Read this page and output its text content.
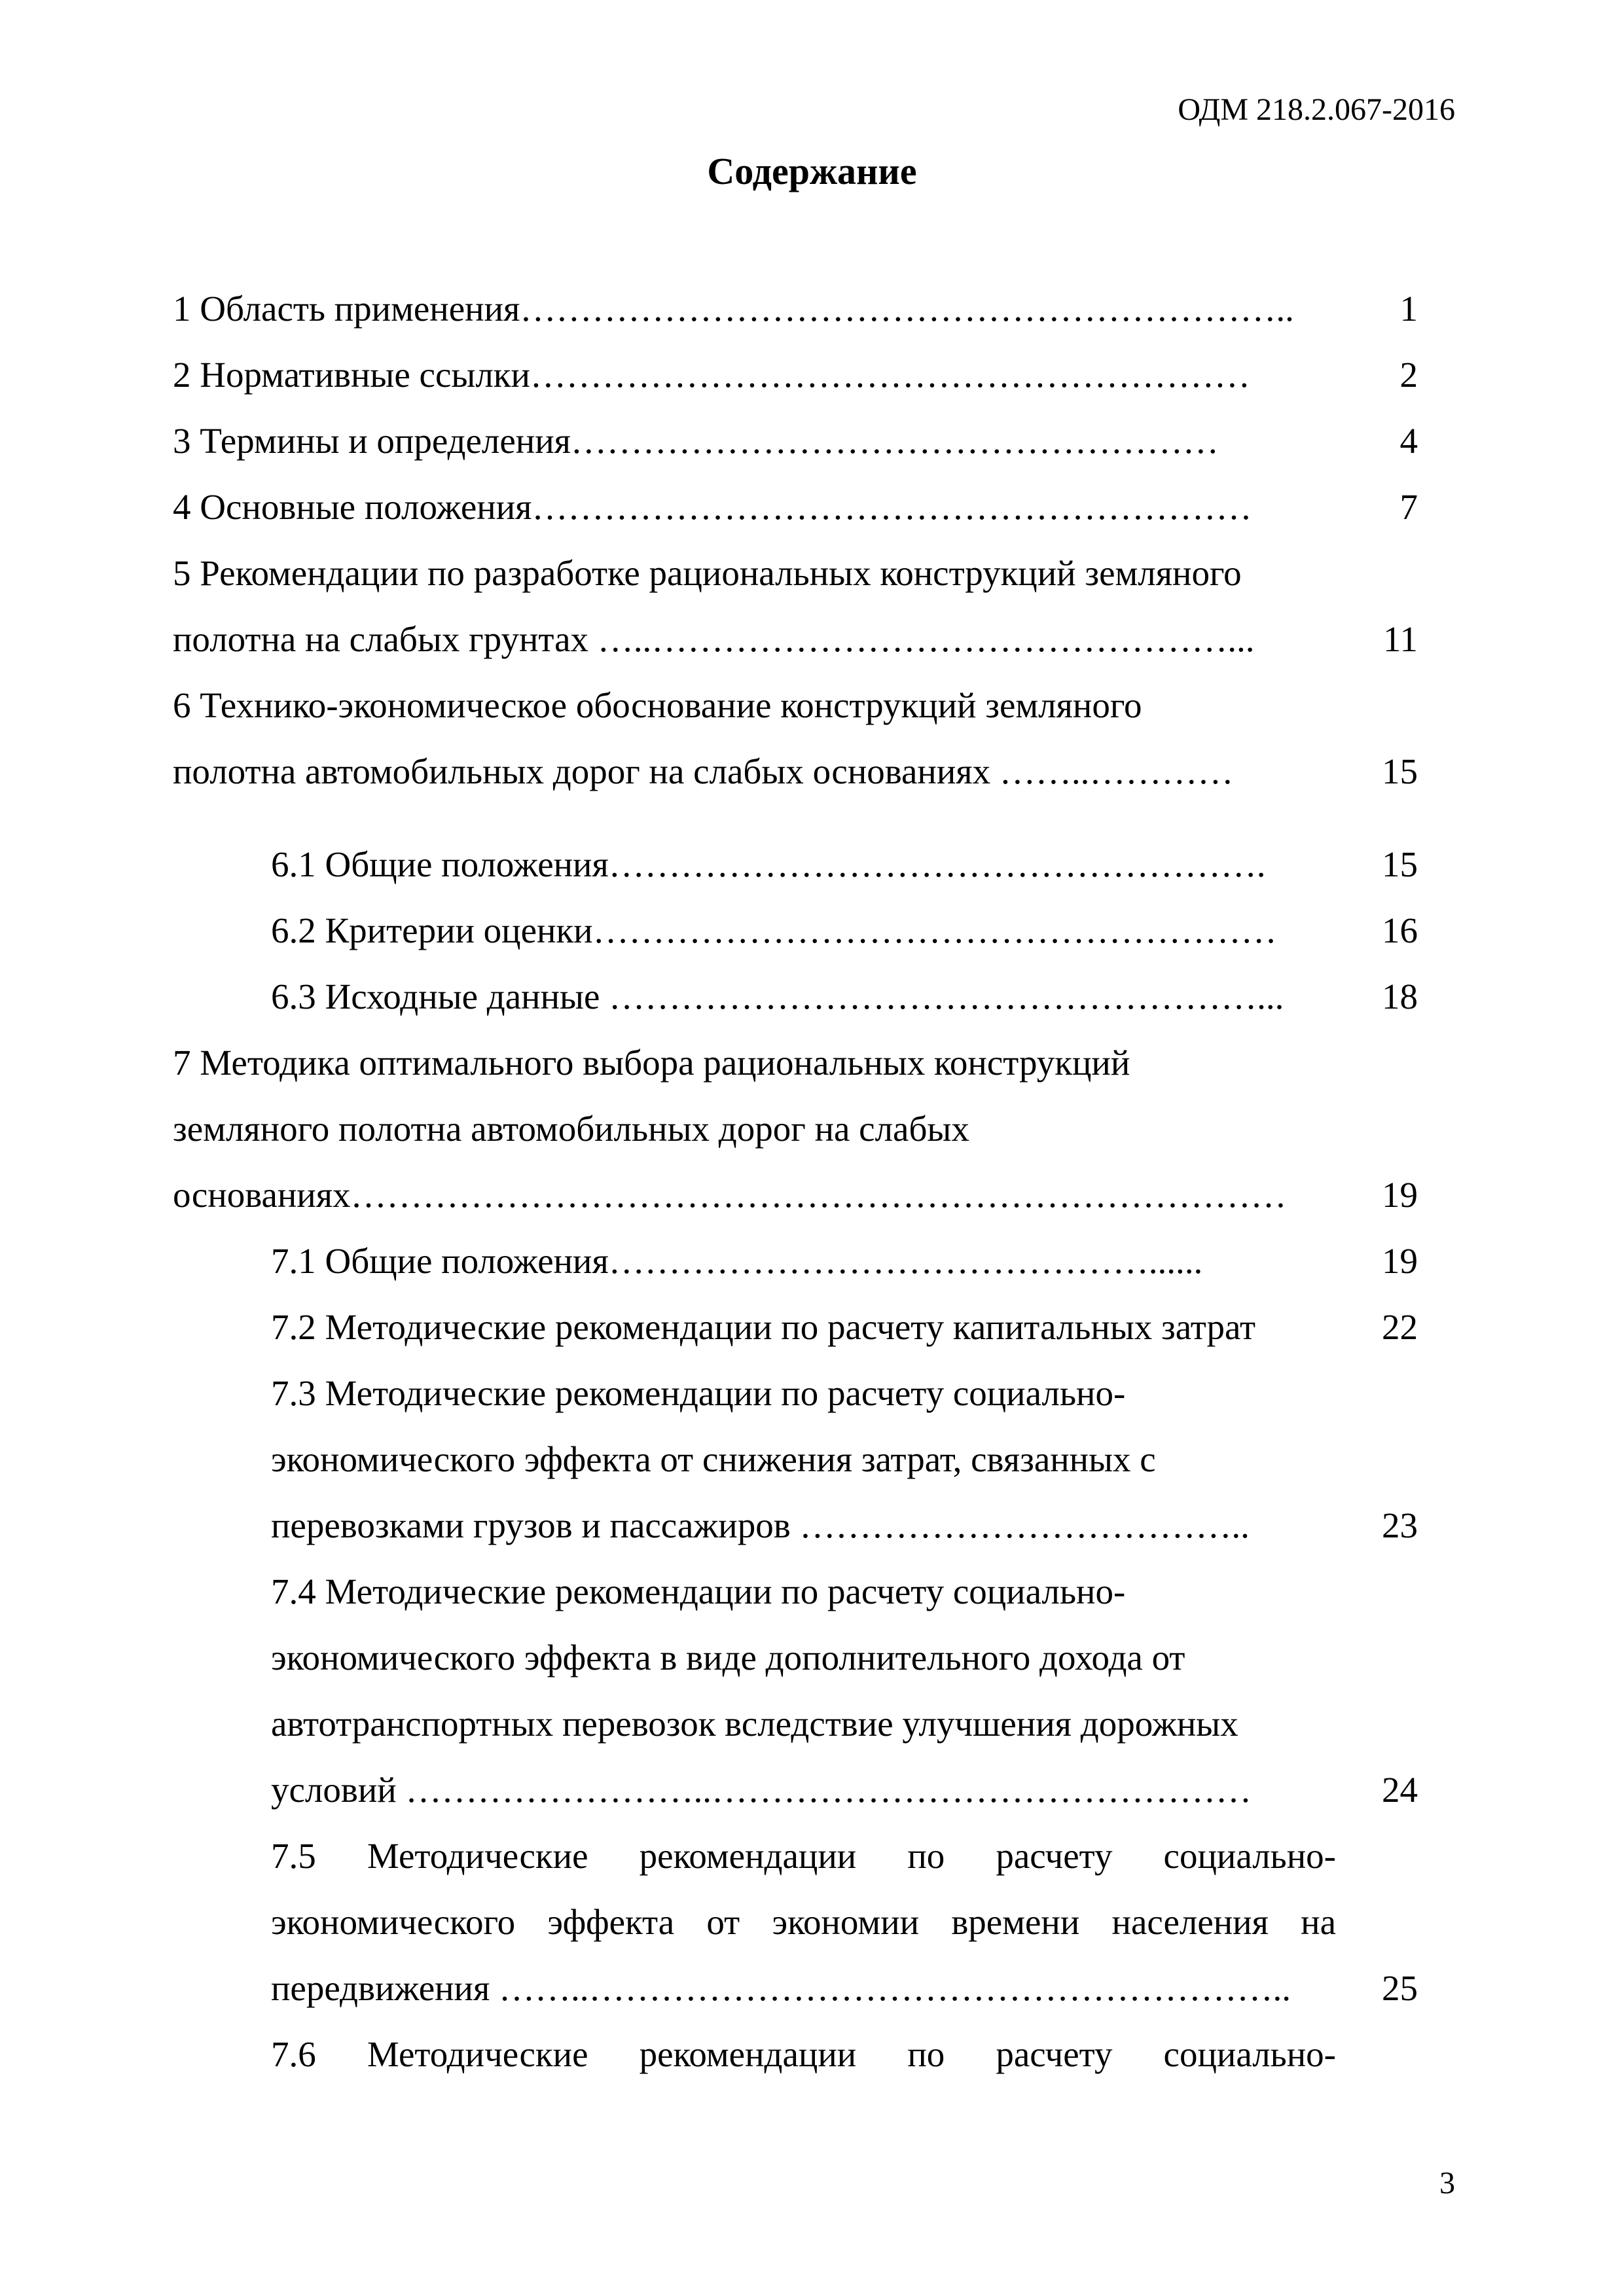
ОДМ 218.2.067-2016
Содержание
1 Область применения………………………………………………………..	1
2 Нормативные ссылки……………………………………………………	2
3 Термины и определения………………………………………………	4
4 Основные положения……………………………………………………	7
5 Рекомендации по разработке рациональных конструкций земляного
полотна на слабых грунтах …..…………………………………………...	11
6 Технико-экономическое обоснование конструкций земляного
полотна автомобильных дорог на слабых основаниях ……..…………	15
6.1 Общие положения……………………………………………….	15
6.2 Критерии оценки…………………………………………………	16
6.3 Исходные данные ………………………………………………...	18
7 Методика оптимального выбора рациональных конструкций
земляного полотна автомобильных дорог на слабых
основаниях……………………………………………………………………	19
7.1 Общие положения………………………………………......	19
7.2 Методические рекомендации по расчету капитальных затрат	22
7.3 Методические рекомендации по расчету социально-
экономического эффекта от снижения затрат, связанных с
перевозками грузов и пассажиров ………………………………..	23
7.4 Методические рекомендации по расчету социально-
экономического эффекта в виде дополнительного дохода от
автотранспортных перевозок вследствие улучшения дорожных
условий ……………………..………………………………………	24
7.5 Методические рекомендации по расчету социально-
экономического эффекта от экономии времени населения на
передвижения ……..…………………………………………………..	25
7.6 Методические рекомендации по расчету социально-
3
